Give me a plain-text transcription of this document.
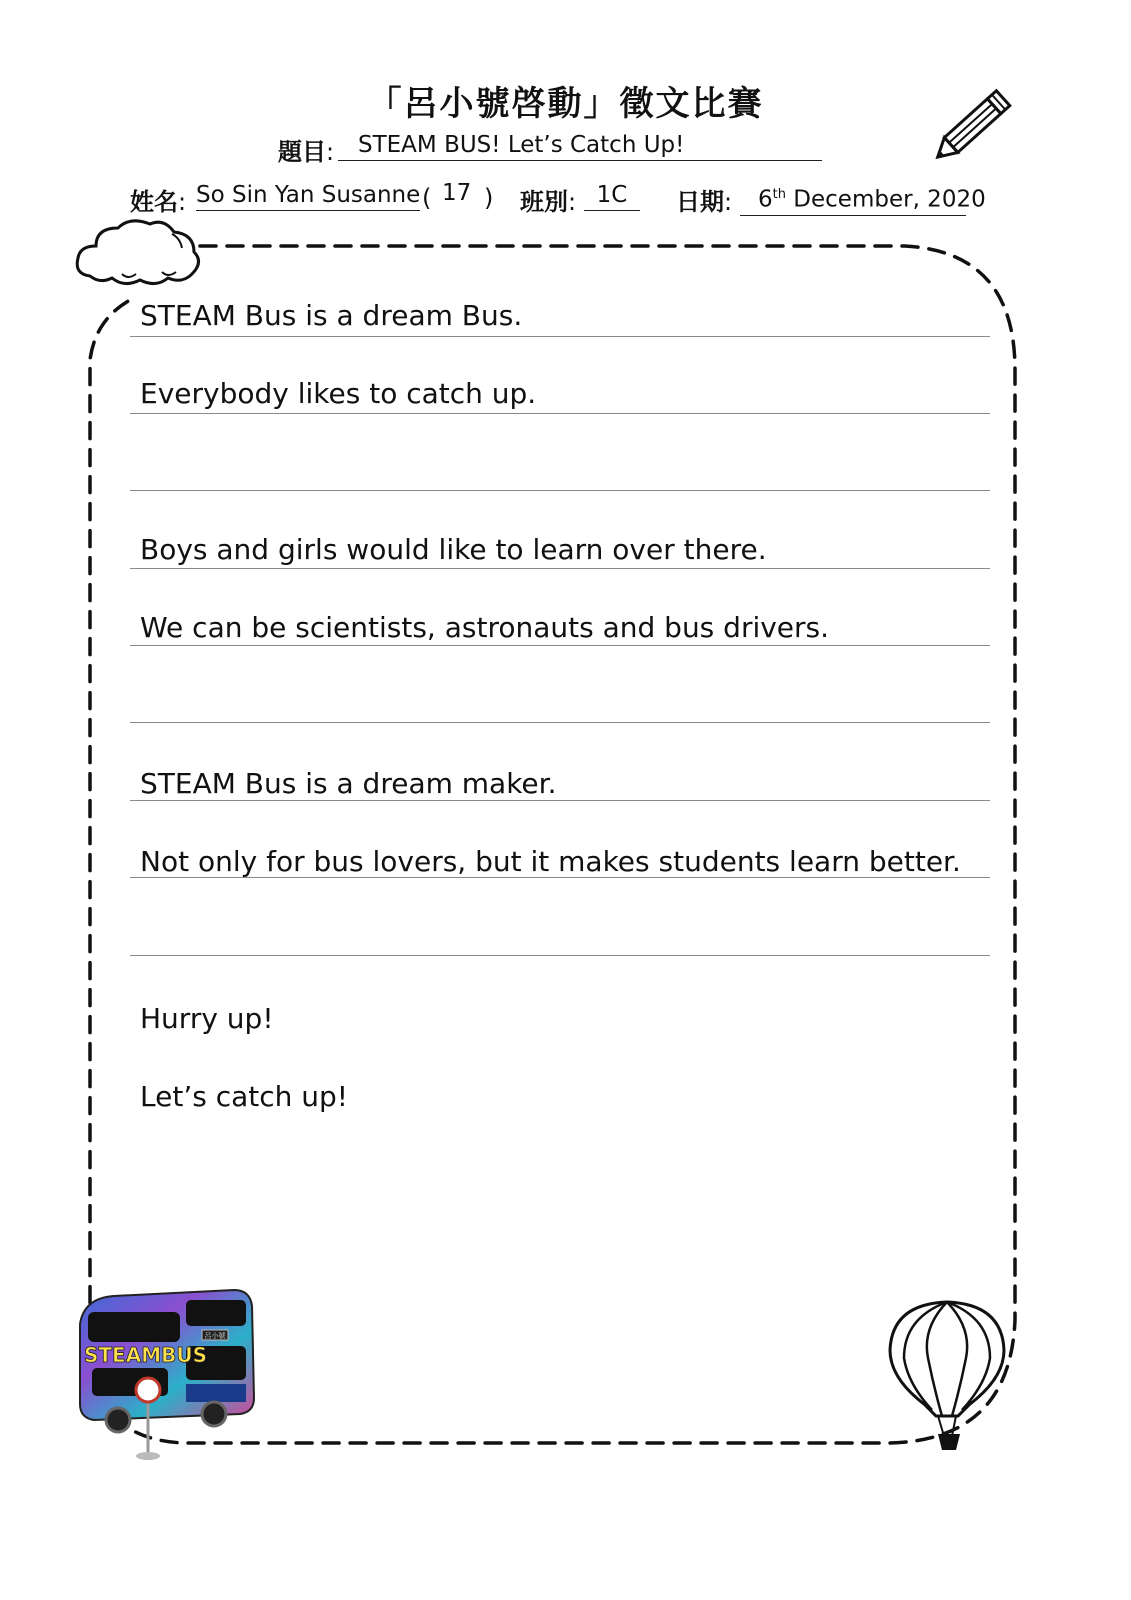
「呂小號啓動」徵文比賽
題目:	STEAM BUS! Let’s Catch Up!
姓名: So Sin Yan Susanne ( 17 ) 班別: 1C	日期:	6th December, 2020
呂小號
STEAMBUS
STEAM Bus is a dream Bus.
Everybody likes to catch up.
Boys and girls would like to learn over there.
We can be scientists, astronauts and bus drivers.
STEAM Bus is a dream maker.
Not only for bus lovers, but it makes students learn better.
Hurry up!
Let’s catch up!
